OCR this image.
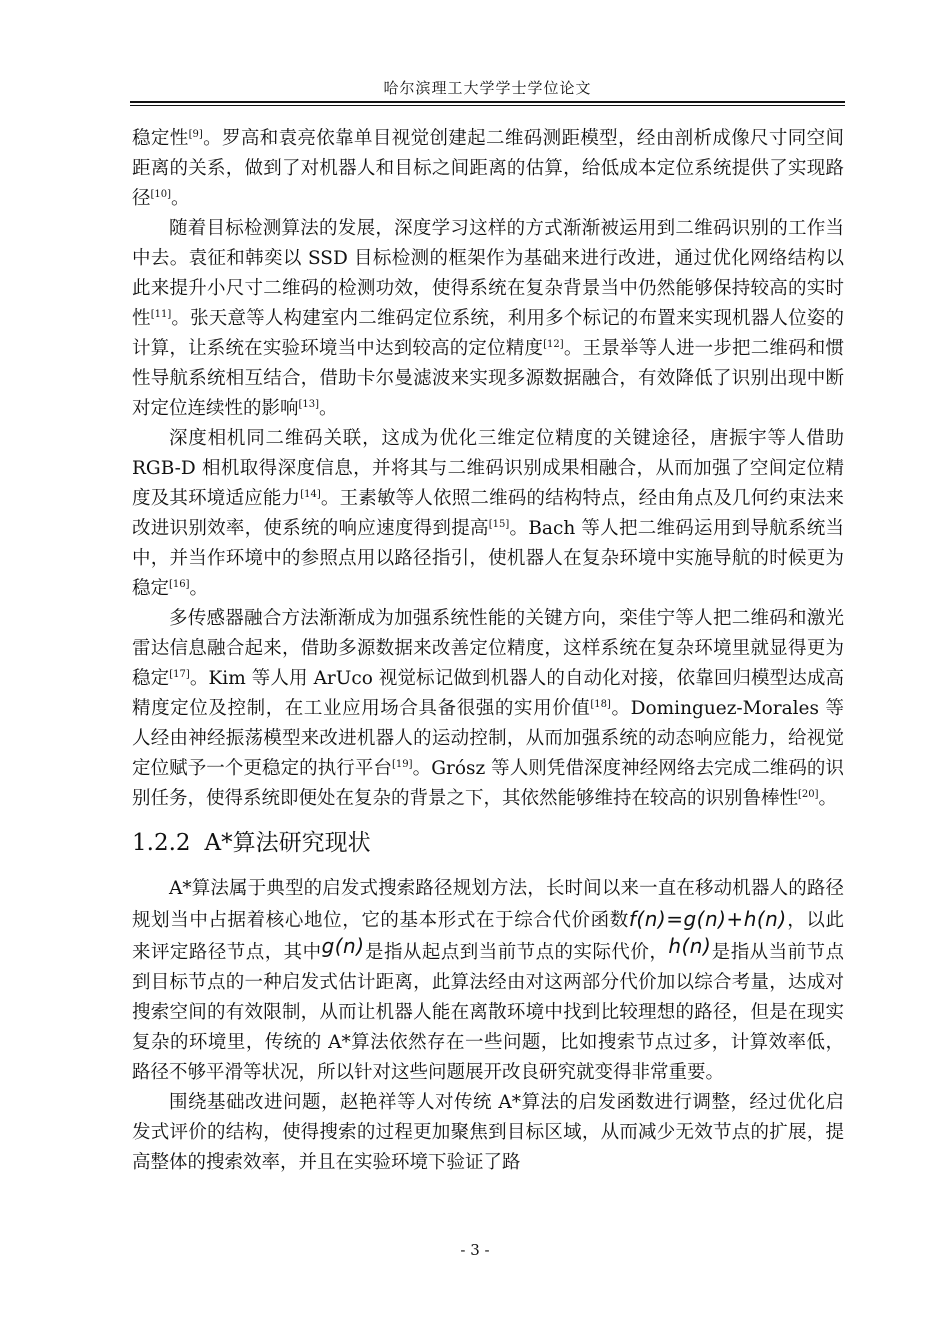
哈尔滨理工大学学士学位论文

稳定性[9]。罗高和袁亮依靠单目视觉创建起二维码测距模型，经由剖析成像尺寸同空间距离的关系，做到了对机器人和目标之间距离的估算，给低成本定位系统提供了实现路径[10]。

随着目标检测算法的发展，深度学习这样的方式渐渐被运用到二维码识别的工作当中去。袁征和韩奕以 SSD 目标检测的框架作为基础来进行改进，通过优化网络结构以此来提升小尺寸二维码的检测功效，使得系统在复杂背景当中仍然能够保持较高的实时性[11]。张天意等人构建室内二维码定位系统，利用多个标记的布置来实现机器人位姿的计算，让系统在实验环境当中达到较高的定位精度[12]。王景举等人进一步把二维码和惯性导航系统相互结合，借助卡尔曼滤波来实现多源数据融合，有效降低了识别出现中断对定位连续性的影响[13]。

深度相机同二维码关联，这成为优化三维定位精度的关键途径，唐振宇等人借助 RGB-D 相机取得深度信息，并将其与二维码识别成果相融合，从而加强了空间定位精度及其环境适应能力[14]。王素敏等人依照二维码的结构特点，经由角点及几何约束法来改进识别效率，使系统的响应速度得到提高[15]。Bach 等人把二维码运用到导航系统当中，并当作环境中的参照点用以路径指引，使机器人在复杂环境中实施导航的时候更为稳定[16]。

多传感器融合方法渐渐成为加强系统性能的关键方向，栾佳宁等人把二维码和激光雷达信息融合起来，借助多源数据来改善定位精度，这样系统在复杂环境里就显得更为稳定[17]。Kim 等人用 ArUco 视觉标记做到机器人的自动化对接，依靠回归模型达成高精度定位及控制，在工业应用场合具备很强的实用价值[18]。Dominguez-Morales 等人经由神经振荡模型来改进机器人的运动控制，从而加强系统的动态响应能力，给视觉定位赋予一个更稳定的执行平台[19]。Grósz 等人则凭借深度神经网络去完成二维码的识别任务，使得系统即便处在复杂的背景之下，其依然能够维持在较高的识别鲁棒性[20]。

1.2.2 A*算法研究现状

A*算法属于典型的启发式搜索路径规划方法，长时间以来一直在移动机器人的路径规划当中占据着核心地位，它的基本形式在于综合代价函数f(n)=g(n)+h(n)，以此来评定路径节点，其中g(n)是指从起点到当前节点的实际代价，h(n)是指从当前节点到目标节点的一种启发式估计距离，此算法经由对这两部分代价加以综合考量，达成对搜索空间的有效限制，从而让机器人能在离散环境中找到比较理想的路径，但是在现实复杂的环境里，传统的 A*算法依然存在一些问题，比如搜索节点过多，计算效率低，路径不够平滑等状况，所以针对这些问题展开改良研究就变得非常重要。

围绕基础改进问题，赵艳祥等人对传统 A*算法的启发函数进行调整，经过优化启发式评价的结构，使得搜索的过程更加聚焦到目标区域，从而减少无效节点的扩展，提高整体的搜索效率，并且在实验环境下验证了路

- 3 -
